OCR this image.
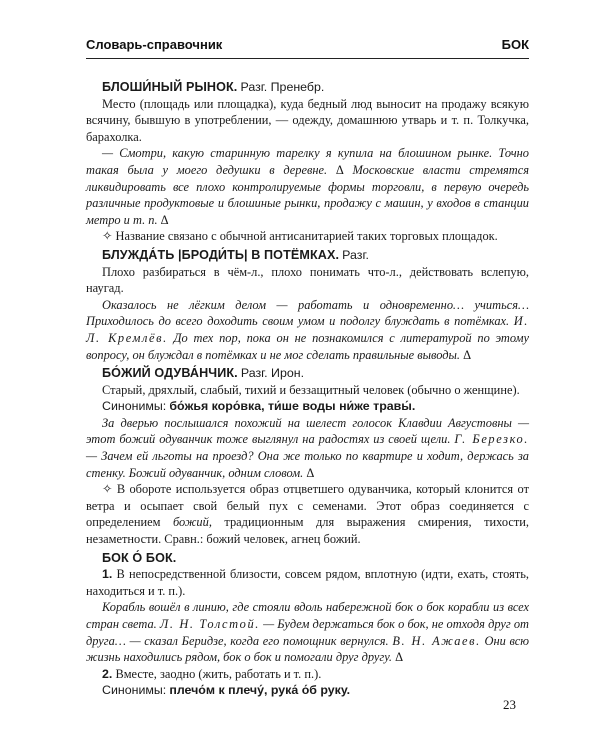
Словарь-справочник	БОК

БЛОШИ́НЫЙ РЫНОК. Разг. Пренебр.

Место (площадь или площадка), куда бедный люд выносит на продажу всякую всячину, бывшую в употреблении, — одежду, домашнюю утварь и т. п. Толкучка, барахолка.

— Смотри, какую старинную тарелку я купила на блошином рынке. Точно такая была у моего дедушки в деревне. Δ Московские власти стремятся ликвидировать все плохо контролируемые формы торговли, в первую очередь различные продуктовые и блошиные рынки, продажу с машин, у входов в станции метро и т. п. Δ

✧ Название связано с обычной антисанитарией таких торговых площадок.

БЛУЖДА́ТЬ |БРОДИ́ТЬ| В ПОТЁМКАХ. Разг.

Плохо разбираться в чём-л., плохо понимать что-л., действовать вслепую, наугад.

Оказалось не лёгким делом — работать и одновременно… учиться… Приходилось до всего доходить своим умом и подолгу блуждать в потёмках. И. Л. Кремлёв. До тех пор, пока он не познакомился с литературой по этому вопросу, он блуждал в потёмках и не мог сделать правильные выводы. Δ

БО́ЖИЙ ОДУВА́НЧИК. Разг. Ирон.

Старый, дряхлый, слабый, тихий и беззащитный человек (обычно о женщине).

Синонимы: бо́жья коро́вка, ти́ше воды ни́же травы́.

За дверью послышался похожий на шелест голосок Клавдии Августовны — этот божий одуванчик тоже выглянул на радостях из своей щели. Г. Березко. — Зачем ей льготы на проезд? Она же только по квартире и ходит, держась за стенку. Божий одуванчик, одним словом. Δ

✧ В обороте используется образ отцветшего одуванчика, который клонится от ветра и осыпает свой белый пух с семенами. Этот образ соединяется с определением божий, традиционным для выражения смирения, тихости, незаметности. Сравн.: божий человек, агнец божий.

БОК О́ БОК.

1. В непосредственной близости, совсем рядом, вплотную (идти, ехать, стоять, находиться и т. п.).

Корабль вошёл в линию, где стояли вдоль набережной бок о бок корабли из всех стран света. Л. Н. Толстой. — Будем держаться бок о бок, не отходя друг от друга… — сказал Беридзе, когда его помощник вернулся. В. Н. Ажаев. Они всю жизнь находились рядом, бок о бок и помогали друг другу. Δ

2. Вместе, заодно (жить, работать и т. п.).

Синонимы: плечо́м к плечу́, рука́ о́б руку.

23
